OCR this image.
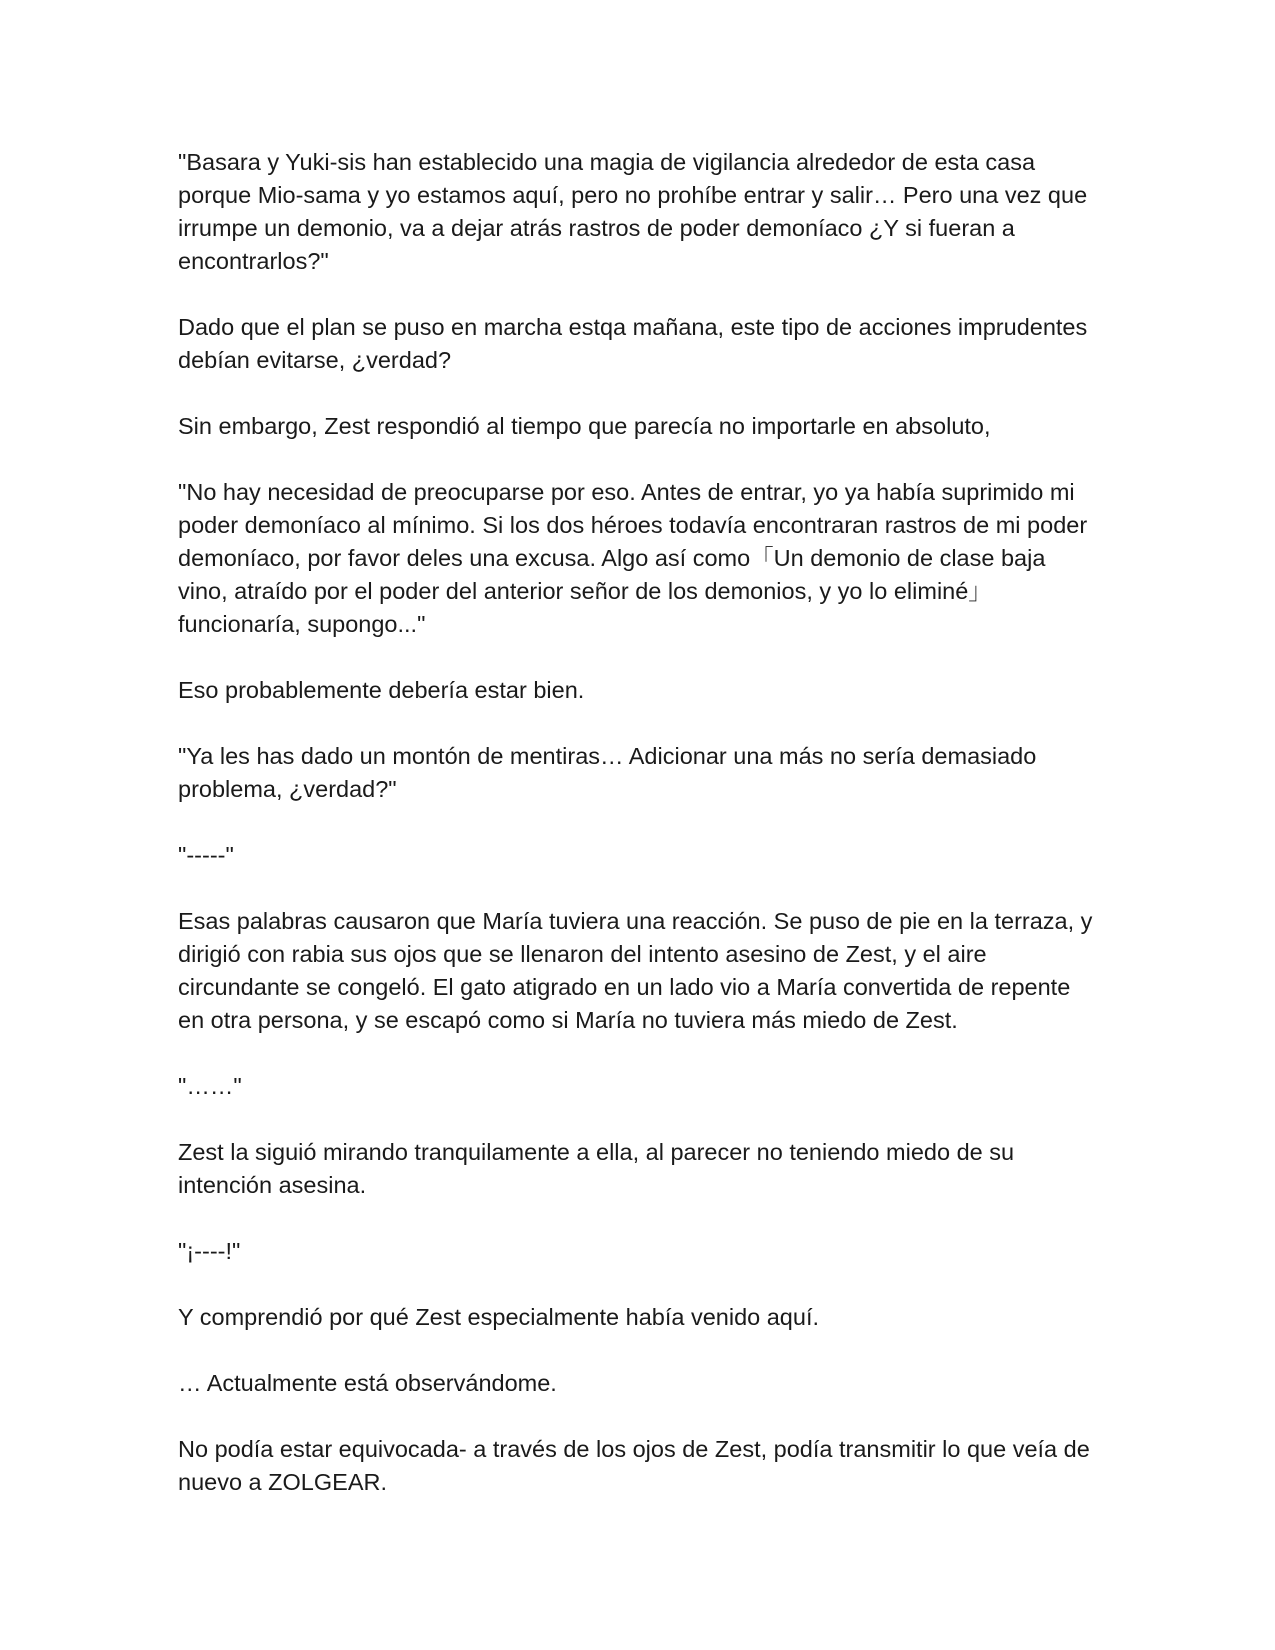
"Basara y Yuki-sis han establecido una magia de vigilancia alrededor de esta casa porque Mio-sama y yo estamos aquí, pero no prohíbe entrar y salir… Pero una vez que irrumpe un demonio, va a dejar atrás rastros de poder demoníaco ¿Y si fueran a encontrarlos?"

Dado que el plan se puso en marcha estqa mañana, este tipo de acciones imprudentes debían evitarse, ¿verdad?

Sin embargo, Zest respondió al tiempo que parecía no importarle en absoluto,

"No hay necesidad de preocuparse por eso. Antes de entrar, yo ya había suprimido mi poder demoníaco al mínimo. Si los dos héroes todavía encontraran rastros de mi poder demoníaco, por favor deles una excusa. Algo así como「Un demonio de clase baja vino, atraído por el poder del anterior señor de los demonios, y yo lo eliminé」funcionaría, supongo..."

Eso probablemente debería estar bien.

"Ya les has dado un montón de mentiras… Adicionar una más no sería demasiado problema, ¿verdad?"

"-----"

Esas palabras causaron que María tuviera una reacción. Se puso de pie en la terraza, y dirigió con rabia sus ojos que se llenaron del intento asesino de Zest, y el aire circundante se congeló. El gato atigrado en un lado vio a María convertida de repente en otra persona, y se escapó como si María no tuviera más miedo de Zest.

"……"

Zest la siguió mirando tranquilamente a ella, al parecer no teniendo miedo de su intención asesina.

"¡----!"

Y comprendió por qué Zest especialmente había venido aquí.

… Actualmente está observándome.

No podía estar equivocada- a través de los ojos de Zest, podía transmitir lo que veía de nuevo a ZOLGEAR.
